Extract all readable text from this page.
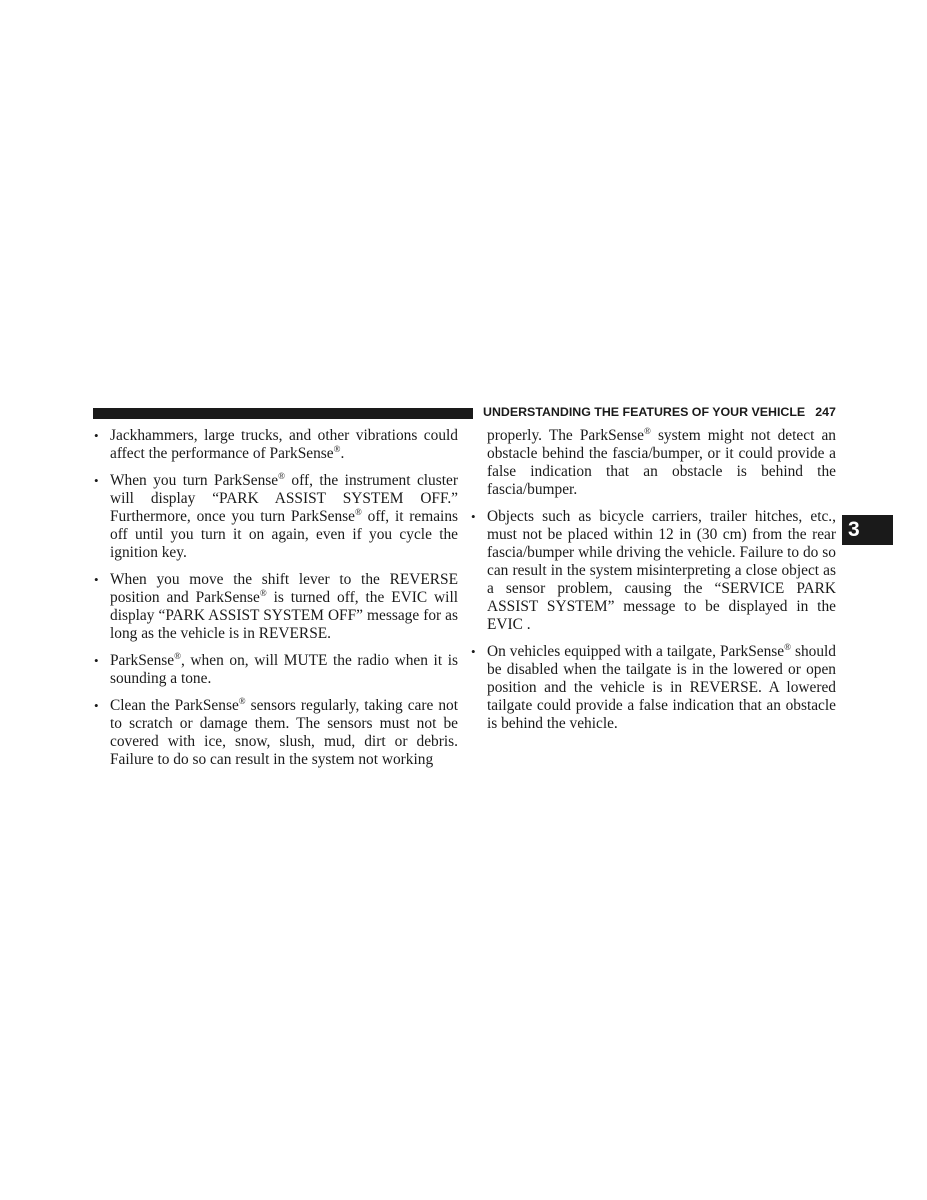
UNDERSTANDING THE FEATURES OF YOUR VEHICLE 247
3
• Jackhammers, large trucks, and other vibrations could affect the performance of ParkSense®.
• When you turn ParkSense® off, the instrument cluster will display “PARK ASSIST SYSTEM OFF.” Furthermore, once you turn ParkSense® off, it remains off until you turn it on again, even if you cycle the ignition key.
• When you move the shift lever to the REVERSE position and ParkSense® is turned off, the EVIC will display “PARK ASSIST SYSTEM OFF” message for as long as the vehicle is in REVERSE.
• ParkSense®, when on, will MUTE the radio when it is sounding a tone.
• Clean the ParkSense® sensors regularly, taking care not to scratch or damage them. The sensors must not be covered with ice, snow, slush, mud, dirt or debris. Failure to do so can result in the system not working

properly. The ParkSense® system might not detect an obstacle behind the fascia/bumper, or it could provide a false indication that an obstacle is behind the fascia/bumper.

• Objects such as bicycle carriers, trailer hitches, etc., must not be placed within 12 in (30 cm) from the rear fascia/bumper while driving the vehicle. Failure to do so can result in the system misinterpreting a close object as a sensor problem, causing the “SERVICE PARK ASSIST SYSTEM” message to be displayed in the EVIC .
• On vehicles equipped with a tailgate, ParkSense® should be disabled when the tailgate is in the lowered or open position and the vehicle is in REVERSE. A lowered tailgate could provide a false indication that an obstacle is behind the vehicle.
